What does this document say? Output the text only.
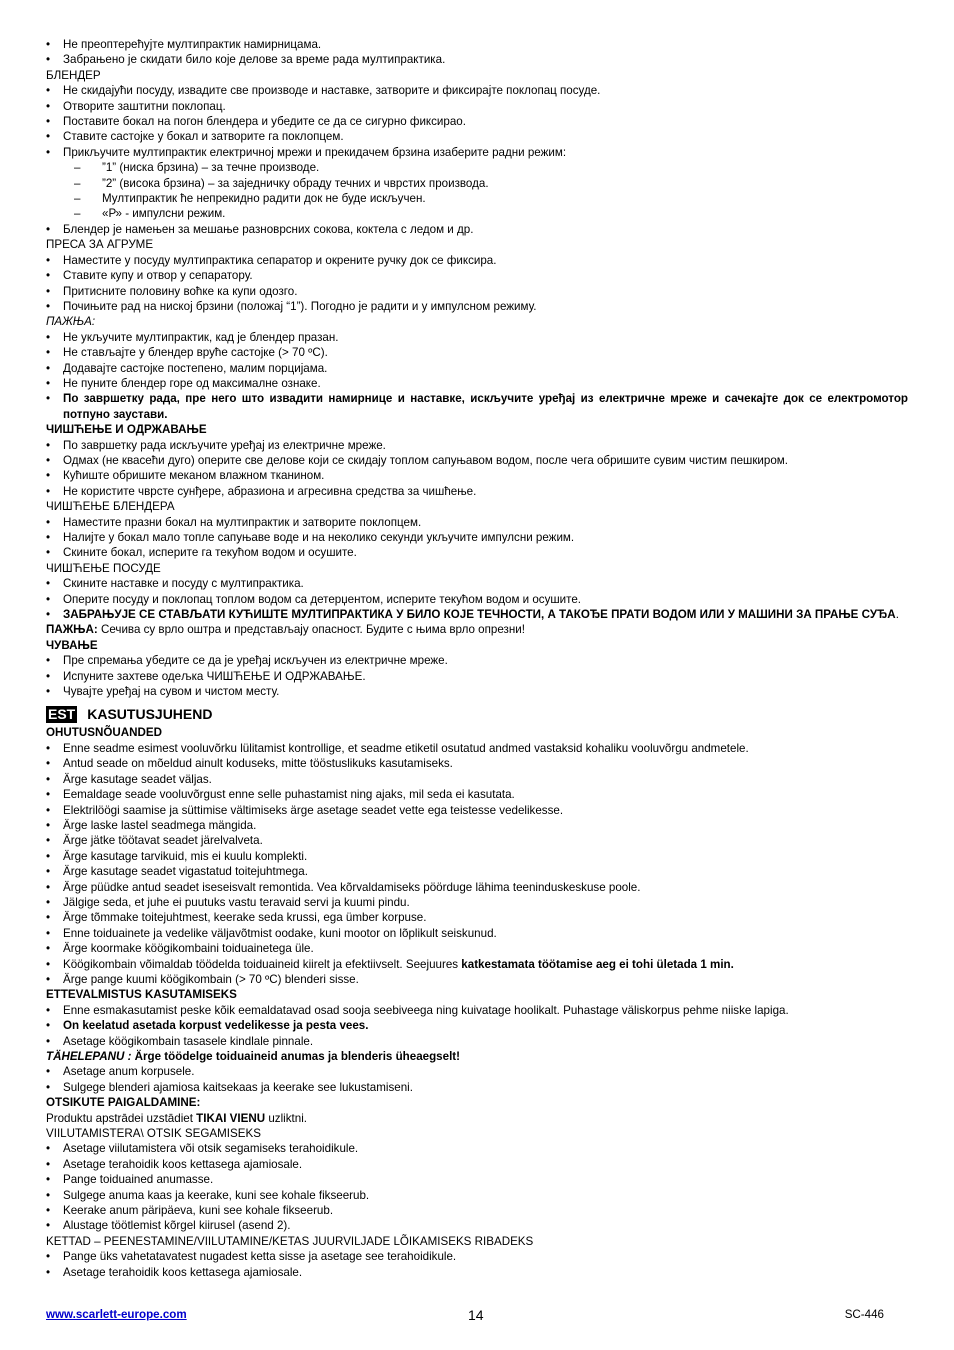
• Не преоптерећујте мултипрактик намирницама.
• Забрањено је скидати било које делове за време рада мултипрактика.
БЛЕНДЕР
• Не скидајући посуду, извадите све производе и наставке, затворите и фиксирајте поклопац посуде.
• Отворите заштитни поклопац.
• Поставите бокал на погон блендера и убедите се да се сигурно фиксирао.
• Ставите састојке у бокал и затворите га поклопцем.
• Прикључите мултипрактик електричној мрежи и прекидачем брзина изаберите радни режим:
– ”1” (ниска брзина) – за течне производе.
– ”2” (висока брзина) – за заједничку обраду течних и чврстих производа.
– Мултипрактик ће непрекидно радити док не буде искључен.
– «Р» - импулсни режим.
• Блендер је намењен за мешање разноврсних сокова, коктела с ледом и др.
ПРЕСА ЗА АГРУМЕ
• Наместите у посуду мултипрактика сепаратор и окрените ручку док се фиксира.
• Ставите купу и отвор у сепаратору.
• Притисните половину воћке ка купи одозго.
• Почињите рад на ниској брзини (положај “1”). Погодно је радити и у импулсном режиму.
ПАЖЊА:
• Не укључите мултипрактик, кад је блендер празан.
• Не стављајте у блендер вруће састојке (> 70 ºC).
• Додавајте састојке постепено, малим порцијама.
• Не пуните блендер горе од максималне ознаке.
• По завршетку рада, пре него што извадити намирнице и наставке, искључите уређај из електричне мреже и сачекајте док се електромотор потпуно заустави.
ЧИШЋЕЊЕ И ОДРЖАВАЊЕ
• По завршетку рада искључите уређај из електричне мреже.
• Одмах (не квасећи дуго) оперите све делове који се скидају топлом сапуњавом водом, после чега обришите сувим чистим пешкиром.
• Кућиште обришите меканом влажном тканином.
• Не користите чврсте сунђере, абразиона и агресивна средства за чишћење.
ЧИШЋЕЊЕ БЛЕНДЕРА
• Наместите празни бокал на мултипрактик и затворите поклопцем.
• Налијте у бокал мало топле сапуњаве воде и на неколико секунди укључите импулсни режим.
• Скините бокал, исперите га текућом водом и осушите.
ЧИШЋЕЊЕ ПОСУДЕ
• Скините наставке и посуду с мултипрактика.
• Оперите посуду и поклопац топлом водом са детерџентом, исперите текућом водом и осушите.
• ЗАБРАЊУЈЕ СЕ СТАВЉАТИ КУЋИШТЕ МУЛТИПРАКТИКА У БИЛО КОЈЕ ТЕЧНОСТИ, А ТАКОЂЕ ПРАТИ ВОДОМ ИЛИ У МАШИНИ ЗА ПРАЊЕ СУЂА.
ПАЖЊА: Сечива су врло оштра и представљају опасност. Будите с њима врло опрезни!
ЧУВАЊЕ
• Пре спремања убедите се да је уређај искључен из електричне мреже.
• Испуните захтеве одељка ЧИШЋЕЊЕ И ОДРЖАВАЊЕ.
• Чувајте уређај на сувом и чистом месту.
EST KASUTUSJUHEND
OHUTUSNÕUANDED
• Enne seadme esimest vooluvõrku lülitamist kontrollige, et seadme etiketil osutatud andmed vastaksid kohaliku vooluvõrgu andmetele.
• Antud seade on mõeldud ainult koduseks, mitte tööstuslikuks kasutamiseks.
• Ärge kasutage seadet väljas.
• Eemaldage seade vooluvõrgust enne selle puhastamist ning ajaks, mil seda ei kasutata.
• Elektrilöögi saamise ja süttimise vältimiseks ärge asetage seadet vette ega teistesse vedelikesse.
• Ärge laske lastel seadmega mängida.
• Ärge jätke töötavat seadet järelvalveta.
• Ärge kasutage tarvikuid, mis ei kuulu komplekti.
• Ärge kasutage seadet vigastatud toitejuhtmega.
• Ärge püüdke antud seadet iseseisvalt remontida. Vea kõrvaldamiseks pöörduge lähima teeninduskeskuse poole.
• Jälgige seda, et juhe ei puutuks vastu teravaid servi ja kuumi pindu.
• Ärge tõmmake toitejuhtmest, keerake seda krussi, ega ümber korpuse.
• Enne toiduainete ja vedelike väljavõtmist oodake, kuni mootor on lõplikult seiskunud.
• Ärge koormake köögikombaini toiduainetega üle.
• Köögikombain võimaldab töödelda toiduaineid kiirelt ja efektiivselt. Seejuures katkestamata töötamise aeg ei tohi ületada 1 min.
• Ärge pange kuumi köögikombain (> 70 ºC) blenderi sisse.
ETTEVALMISTUS KASUTAMISEKS
• Enne esmakasutamist peske kõik eemaldatavad osad sooja seebiveega ning kuivatage hoolikalt. Puhastage väliskorpus pehme niiske lapiga.
• On keelatud asetada korpust vedelikesse ja pesta vees.
• Asetage köögikombain tasasele kindlale pinnale.
TÄHELEPANU : Ärge töödelge toiduaineid anumas ja blenderis üheaegselt!
• Asetage anum korpusele.
• Sulgege blenderi ajamiosa kaitsekaas ja keerake see lukustamiseni.
OTSIKUTE PAIGALDAMINE:
Produktu apstrādei uzstādiet TIKAI VIENU uzliktni.
VIILUTAMISTERA\ OTSIK SEGAMISEKS
• Asetage viilutamistera või otsik segamiseks terahoidikule.
• Asetage terahoidik koos kettasega ajamiosale.
• Pange toiduained anumasse.
• Sulgege anuma kaas ja keerake, kuni see kohale fikseerub.
• Keerake anum päripäeva, kuni see kohale fikseerub.
• Alustage töötlemist kõrgel kiirusel (asend 2).
KETTAD – PEENESTAMINE/VIILUTAMINE/KETAS JUURVILJADE LÕIKAMISEKS RIBADEKS
• Pange üks vahetatavatest nugadest ketta sisse ja asetage see terahoidikule.
• Asetage terahoidik koos kettasega ajamiosale.
www.scarlett-europe.com	14	SC-446
